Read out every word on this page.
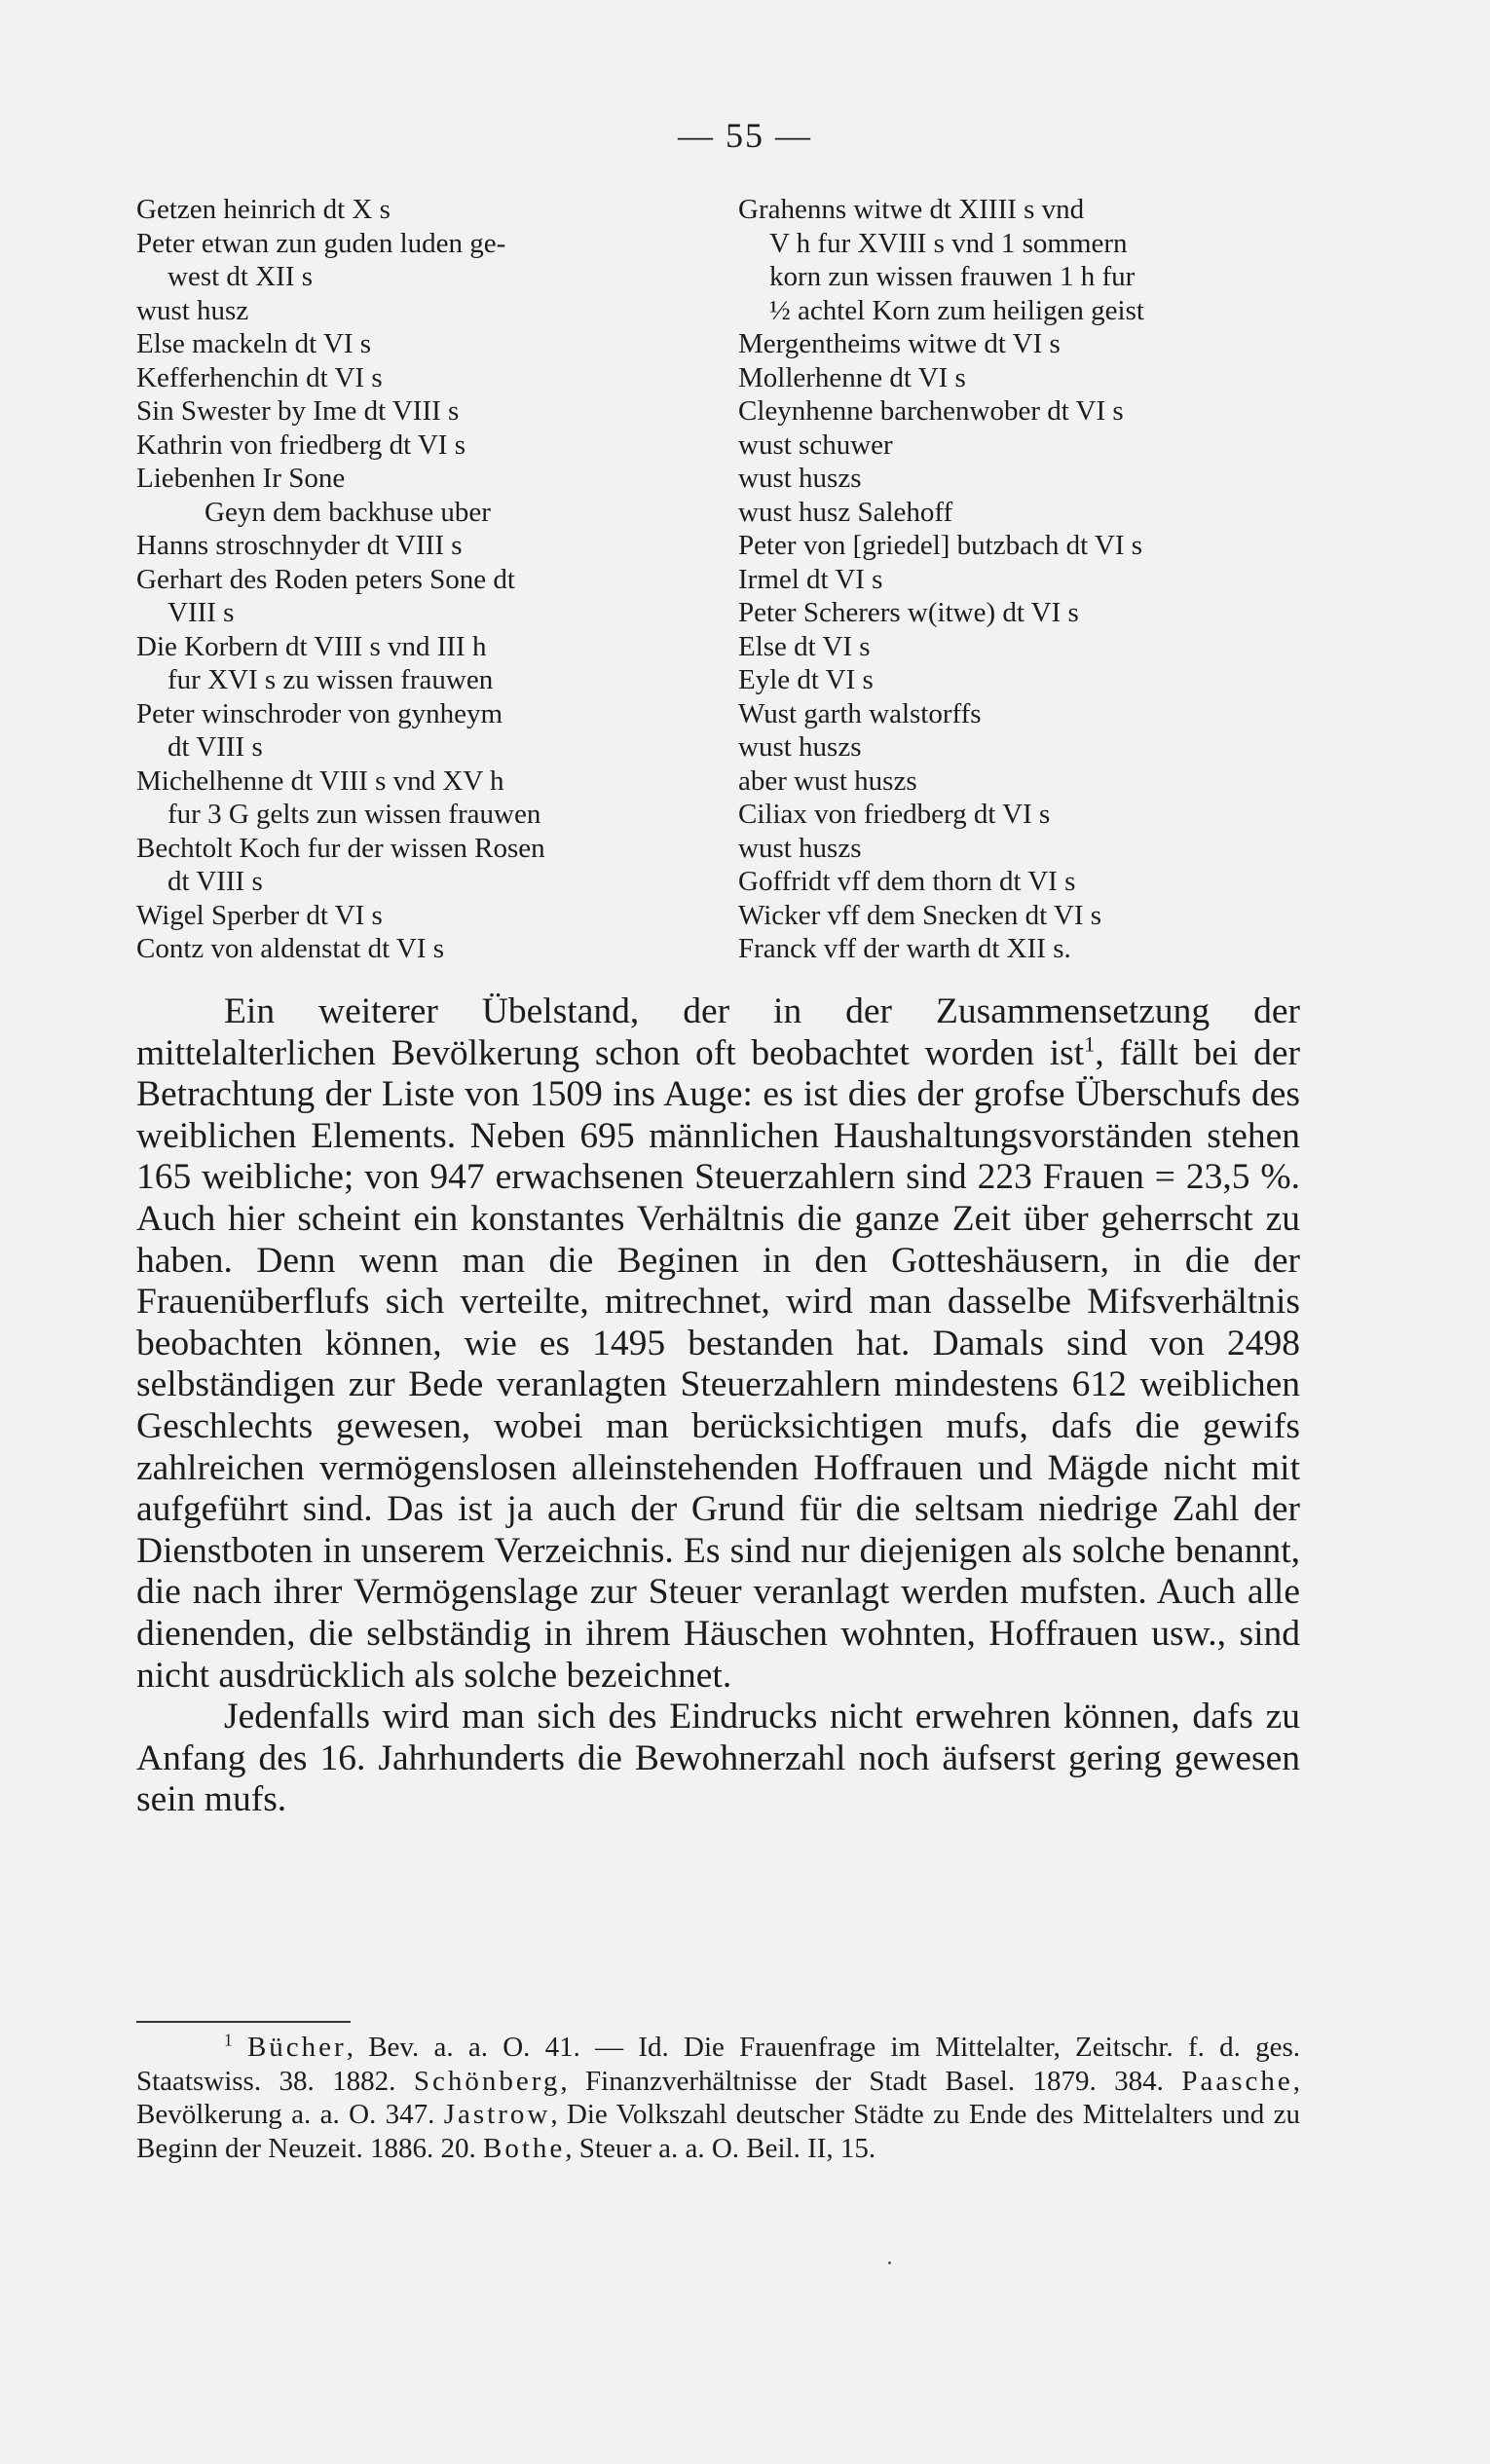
— 55 —

Getzen heinrich dt X s

Peter etwan zun guden luden ge-
west dt XII s

wust husz

Else mackeln dt VI s

Kefferhenchin dt VI s

Sin Swester by Ime dt VIII s

Kathrin von friedberg dt VI s

Liebenhen Ir Sone

Geyn dem backhuse uber

Hanns stroschnyder dt VIII s

Gerhart des Roden peters Sone dt
VIII s

Die Korbern dt VIII s vnd III h
fur XVI s zu wissen frauwen

Peter winschroder von gynheym
dt VIII s

Michelhenne dt VIII s vnd XV h
fur 3 G gelts zun wissen frauwen

Bechtolt Koch fur der wissen Rosen
dt VIII s

Wigel Sperber dt VI s

Contz von aldenstat dt VI s

Grahenns witwe dt XIIII s vnd
V h fur XVIII s vnd 1 sommern
korn zun wissen frauwen 1 h fur
½ achtel Korn zum heiligen geist

Mergentheims witwe dt VI s

Mollerhenne dt VI s

Cleynhenne barchenwober dt VI s

wust schuwer

wust huszs

wust husz Salehoff

Peter von [griedel] butzbach dt VI s

Irmel dt VI s

Peter Scherers w(itwe) dt VI s

Else dt VI s

Eyle dt VI s

Wust garth walstorffs

wust huszs

aber wust huszs

Ciliax von friedberg dt VI s

wust huszs

Goffridt vff dem thorn dt VI s

Wicker vff dem Snecken dt VI s

Franck vff der warth dt XII s.

Ein weiterer Übelstand, der in der Zusammensetzung der mittelalterlichen Bevölkerung schon oft beobachtet worden ist$^1$, fällt bei der Betrachtung der Liste von 1509 ins Auge: es ist dies der grofse Überschufs des weiblichen Elements. Neben 695 männlichen Haushaltungsvorständen stehen 165 weibliche; von 947 erwachsenen Steuerzahlern sind 223 Frauen = 23,5 %. Auch hier scheint ein konstantes Verhältnis die ganze Zeit über geherrscht zu haben. Denn wenn man die Beginen in den Gotteshäusern, in die der Frauenüberflufs sich verteilte, mitrechnet, wird man dasselbe Mifsverhältnis beobachten können, wie es 1495 bestanden hat. Damals sind von 2498 selbständigen zur Bede veranlagten Steuerzahlern mindestens 612 weiblichen Geschlechts gewesen, wobei man berücksichtigen mufs, dafs die gewifs zahlreichen vermögenslosen alleinstehenden Hoffrauen und Mägde nicht mit aufgeführt sind. Das ist ja auch der Grund für die seltsam niedrige Zahl der Dienstboten in unserem Verzeichnis. Es sind nur diejenigen als solche benannt, die nach ihrer Vermögenslage zur Steuer veranlagt werden mufsten. Auch alle dienenden, die selbständig in ihrem Häuschen wohnten, Hoffrauen usw., sind nicht ausdrücklich als solche bezeichnet.

Jedenfalls wird man sich des Eindrucks nicht erwehren können, dafs zu Anfang des 16. Jahrhunderts die Bewohnerzahl noch äufserst gering gewesen sein mufs.

$^1$ Bücher, Bev. a. a. O. 41. — Id. Die Frauenfrage im Mittelalter, Zeitschr. f. d. ges. Staatswiss. 38. 1882. Schönberg, Finanzverhältnisse der Stadt Basel. 1879. 384. Paasche, Bevölkerung a. a. O. 347. Jastrow, Die Volkszahl deutscher Städte zu Ende des Mittelalters und zu Beginn der Neuzeit. 1886. 20. Bothe, Steuer a. a. O. Beil. II, 15.
